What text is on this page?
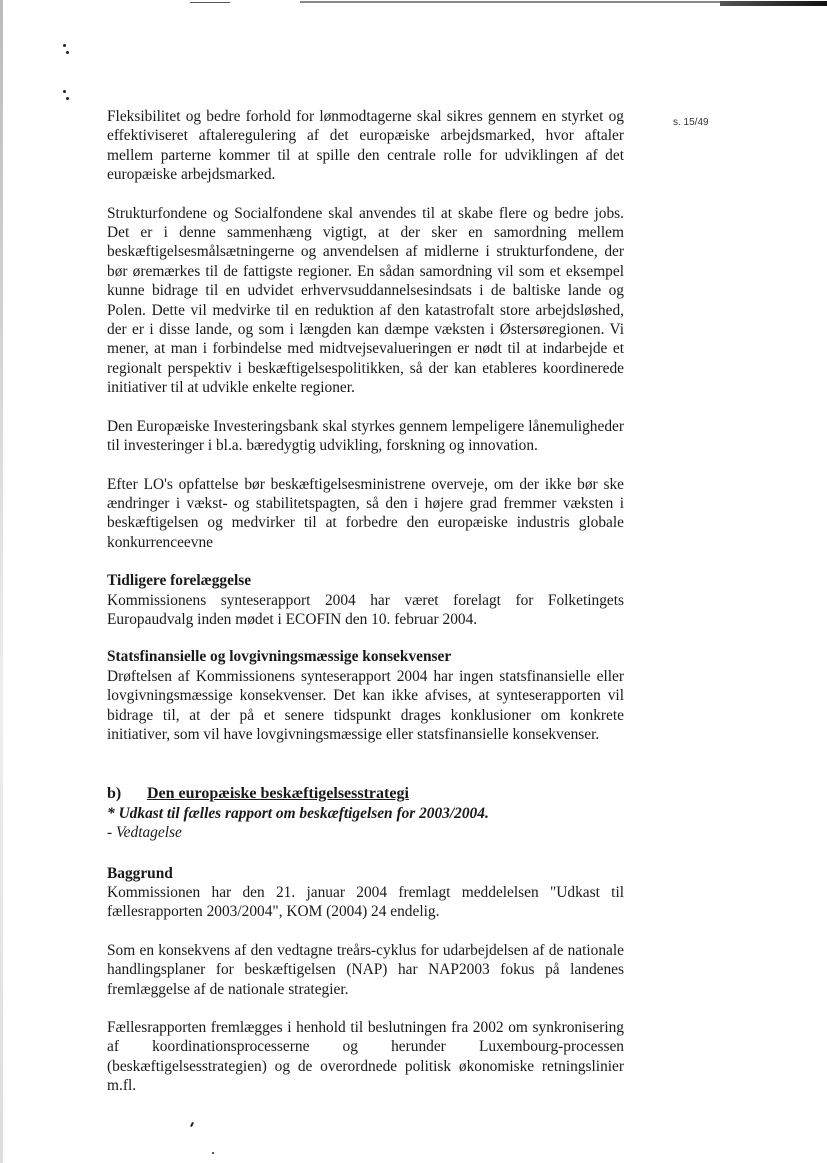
s. 15/49

Fleksibilitet og bedre forhold for lønmodtagerne skal sikres gennem en styrket og effektiviseret aftaleregulering af det europæiske arbejdsmarked, hvor aftaler mellem parterne kommer til at spille den centrale rolle for udviklingen af det europæiske arbejdsmarked.

Strukturfondene og Socialfondene skal anvendes til at skabe flere og bedre jobs. Det er i denne sammenhæng vigtigt, at der sker en samordning mellem beskæftigelsesmålsætningerne og anvendelsen af midlerne i strukturfondene, der bør øremærkes til de fattigste regioner. En sådan samordning vil som et eksempel kunne bidrage til en udvidet erhvervsuddannelsesindsats i de baltiske lande og Polen. Dette vil medvirke til en reduktion af den katastrofalt store arbejdsløshed, der er i disse lande, og som i længden kan dæmpe væksten i Østersøregionen. Vi mener, at man i forbindelse med midtvejsevalueringen er nødt til at indarbejde et regionalt perspektiv i beskæftigelsespolitikken, så der kan etableres koordinerede initiativer til at udvikle enkelte regioner.

Den Europæiske Investeringsbank skal styrkes gennem lempeligere lånemuligheder til investeringer i bl.a. bæredygtig udvikling, forskning og innovation.

Efter LO's opfattelse bør beskæftigelsesministrene overveje, om der ikke bør ske ændringer i vækst- og stabilitetspagten, så den i højere grad fremmer væksten i beskæftigelsen og medvirker til at forbedre den europæiske industris globale konkurrenceevne

Tidligere forelæggelse

Kommissionens synteserapport 2004 har været forelagt for Folketingets Europaudvalg inden mødet i ECOFIN den 10. februar 2004.

Statsfinansielle og lovgivningsmæssige konsekvenser

Drøftelsen af Kommissionens synteserapport 2004 har ingen statsfinansielle eller lovgivningsmæssige konsekvenser. Det kan ikke afvises, at synteserapporten vil bidrage til, at der på et senere tidspunkt drages konklusioner om konkrete initiativer, som vil have lovgivningsmæssige eller statsfinansielle konsekvenser.

b) Den europæiske beskæftigelsesstrategi

* Udkast til fælles rapport om beskæftigelsen for 2003/2004.

- Vedtagelse

Baggrund

Kommissionen har den 21. januar 2004 fremlagt meddelelsen "Udkast til fællesrapporten 2003/2004", KOM (2004) 24 endelig.

Som en konsekvens af den vedtagne treårs-cyklus for udarbejdelsen af de nationale handlingsplaner for beskæftigelsen (NAP) har NAP2003 fokus på landenes fremlæggelse af de nationale strategier.

Fællesrapporten fremlægges i henhold til beslutningen fra 2002 om synkronisering af koordinationsprocesserne og herunder Luxembourg-processen (beskæftigelsesstrategien) og de overordnede politisk økonomiske retningslinier m.fl.
